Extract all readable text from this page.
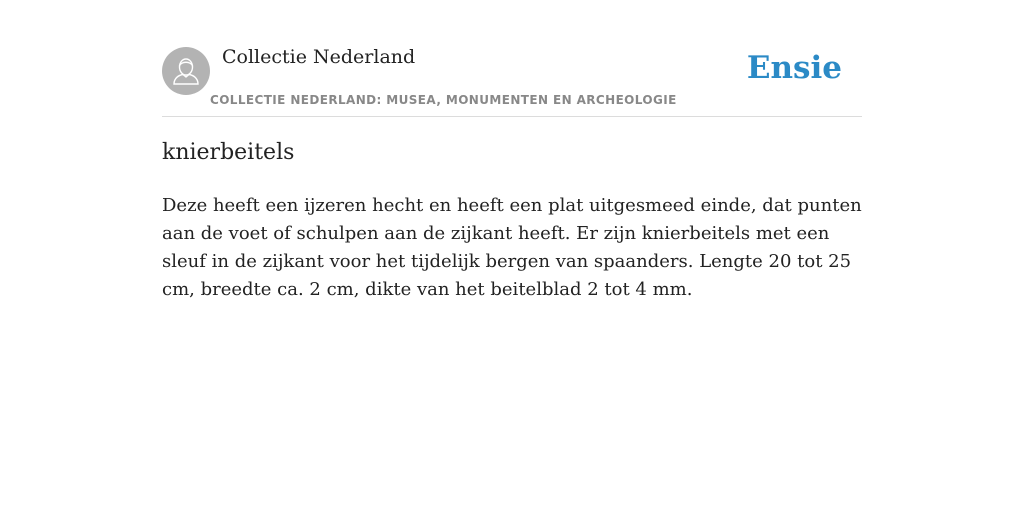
Collectie Nederland
COLLECTIE NEDERLAND: MUSEA, MONUMENTEN EN ARCHEOLOGIE
Ensie
knierbeitels

Deze heeft een ijzeren hecht en heeft een plat uitgesmeed einde, dat punten aan de voet of schulpen aan de zijkant heeft. Er zijn knierbeitels met een sleuf in de zijkant voor het tijdelijk bergen van spaanders. Lengte 20 tot 25 cm, breedte ca. 2 cm, dikte van het beitelblad 2 tot 4 mm.
